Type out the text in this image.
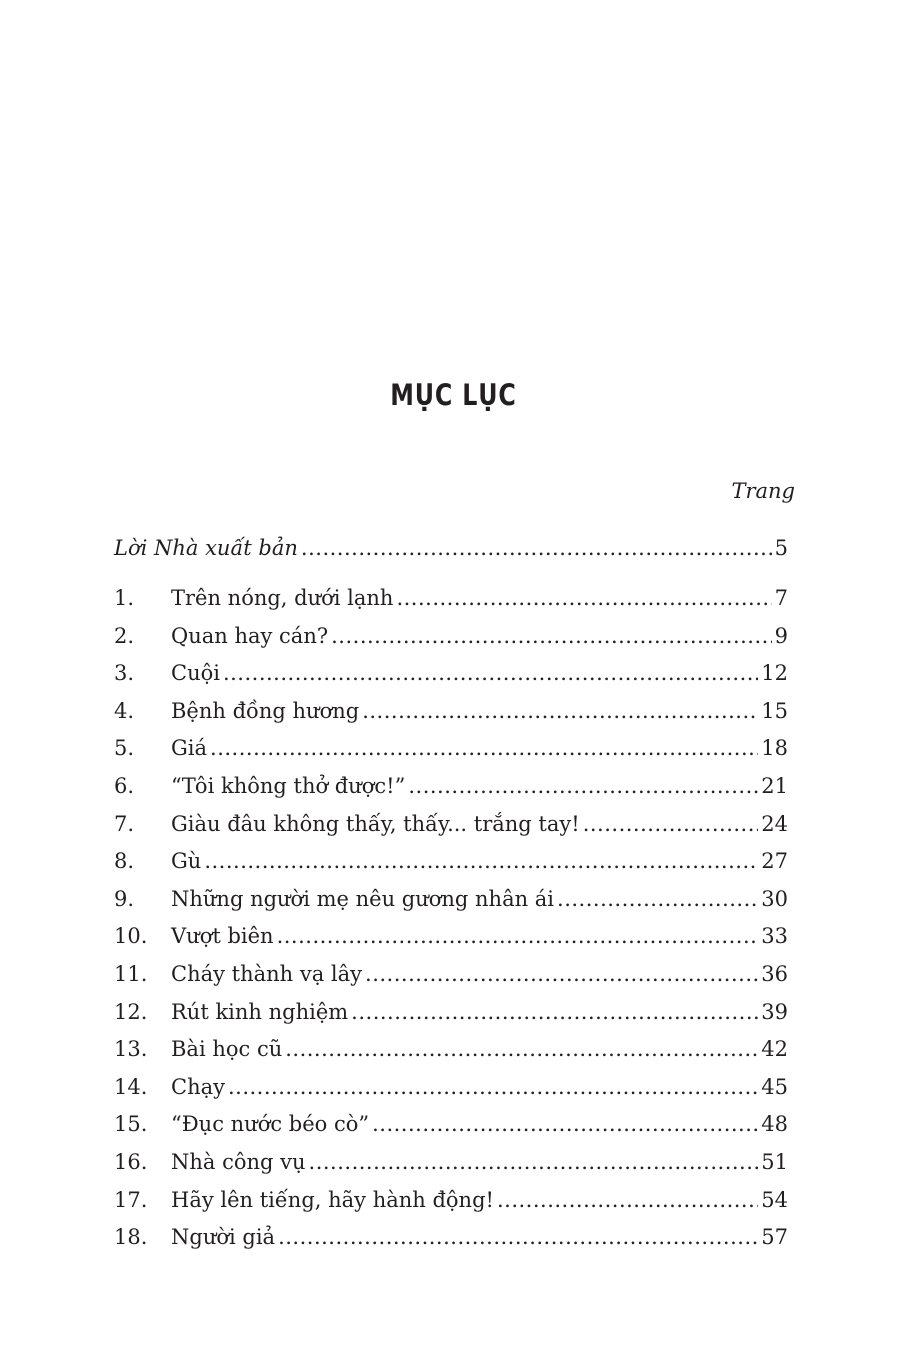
MỤC LỤC
Trang
Lời Nhà xuất bản .....	5
1.	Trên nóng, dưới lạnh .....	7
2.	Quan hay cán? .....	9
3.	Cuội .....	12
4.	Bệnh đồng hương .....	15
5.	Giá .....	18
6.	“Tôi không thở được!” .....	21
7.	Giàu đâu không thấy, thấy... trắng tay! .....	24
8.	Gù .....	27
9.	Những người mẹ nêu gương nhân ái .....	30
10.	Vượt biên .....	33
11.	Cháy thành vạ lây .....	36
12.	Rút kinh nghiệm .....	39
13.	Bài học cũ .....	42
14.	Chạy .....	45
15.	“Đục nước béo cò” .....	48
16.	Nhà công vụ .....	51
17.	Hãy lên tiếng, hãy hành động! .....	54
18.	Người giả .....	57
